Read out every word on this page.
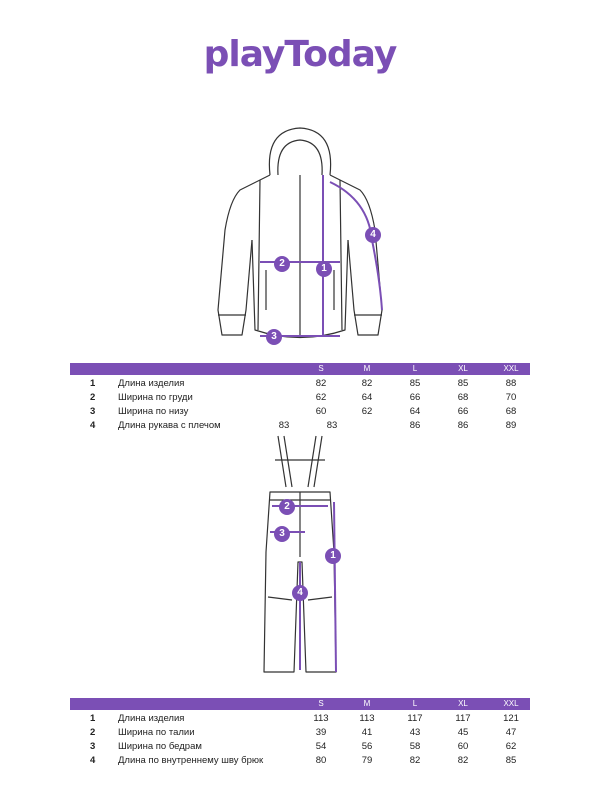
playToday
1
2
3
4
S	M	L	XL	XXL
1 Длина изделия	82	82	85	85	88
2 Ширина по груди	62	64	66	68	70
3 Ширина по низу	60	62	64	66	68
4 Длина рукава с плечом	83	83	86	86	89
1
2
3
4
S	M	L	XL	XXL
1 Длина изделия	113	113	117	117	121
2 Ширина по талии	39	41	43	45	47
3 Ширина по бедрам	54	56	58	60	62
4 Длина по внутреннему шву брюк	80	79	82	82	85
